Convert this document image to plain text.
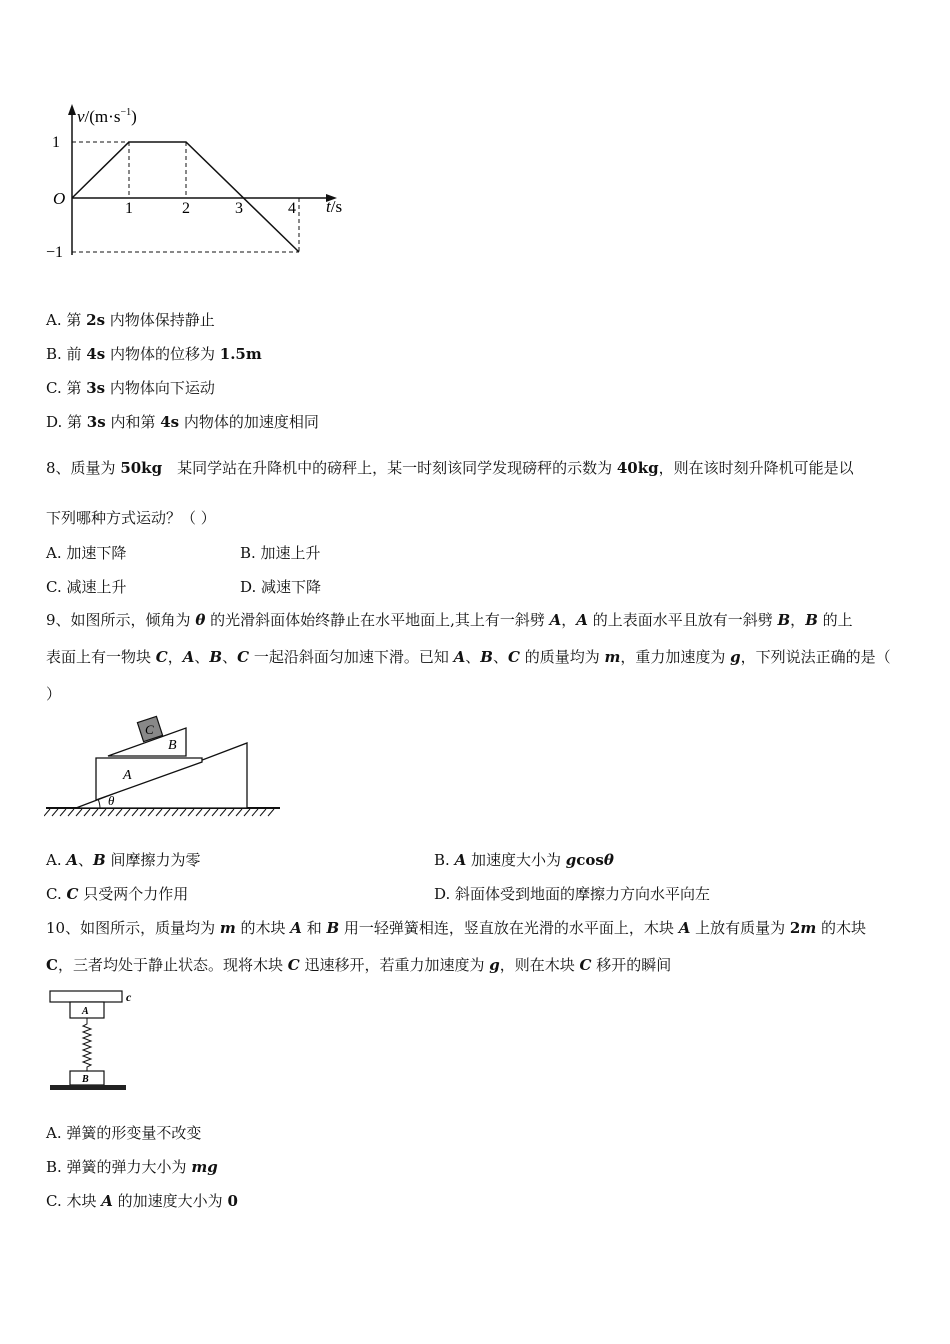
$v/(m\cdot s^{-1})$
1
−1
O
1	2	3	4 t/s
A. 第 2s 内物体保持静止
B. 前 4s 内物体的位移为 1.5m
C. 第 3s 内物体向下运动
D. 第 3s 内和第 4s 内物体的加速度相同
8、质量为 50kg　某同学站在升降机中的磅秤上，某一时刻该同学发现磅秤的示数为 40kg，则在该时刻升降机可能是以
下列哪种方式运动？（ ）
A. 加速下降	B. 加速上升
C. 减速上升	D. 减速下降
9、如图所示，倾角为 θ 的光滑斜面体始终静止在水平地面上,其上有一斜劈 A，A 的上表面水平且放有一斜劈 B，B 的上
表面上有一物块 C，A、B、C 一起沿斜面匀加速下滑。已知 A、B、C 的质量均为 m，重力加速度为 g，下列说法正确的是（
）
C
B
A
θ
A. A、B 间摩擦力为零	B. A 加速度大小为 gcosθ
C. C 只受两个力作用	D. 斜面体受到地面的摩擦力方向水平向左
10、如图所示，质量均为 m 的木块 A 和 B 用一轻弹簧相连，竖直放在光滑的水平面上，木块 A 上放有质量为 2m 的木块
C，三者均处于静止状态。现将木块 C 迅速移开，若重力加速度为 g，则在木块 C 移开的瞬间
c
A
B
A. 弹簧的形变量不改变
B. 弹簧的弹力大小为 mg
C. 木块 A 的加速度大小为 0
